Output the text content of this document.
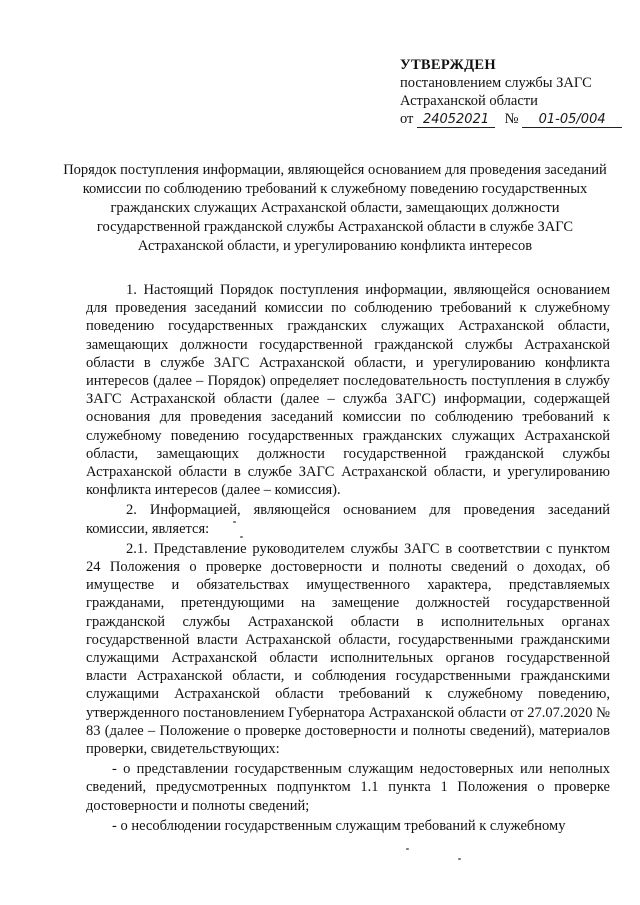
УТВЕРЖДЕН
постановлением службы ЗАГС
Астраханской области
от 24052021 № 01-05/004
Порядок поступления информации, являющейся основанием для проведения заседаний комиссии по соблюдению требований к служебному поведению государственных гражданских служащих Астраханской области, замещающих должности государственной гражданской службы Астраханской области в службе ЗАГС Астраханской области, и урегулированию конфликта интересов

1. Настоящий Порядок поступления информации, являющейся основанием для проведения заседаний комиссии по соблюдению требований к служебному поведению государственных гражданских служащих Астраханской области, замещающих должности государственной гражданской службы Астраханской области в службе ЗАГС Астраханской области, и урегулированию конфликта интересов (далее – Порядок) определяет последовательность поступления в службу ЗАГС Астраханской области (далее – служба ЗАГС) информации, содержащей основания для проведения заседаний комиссии по соблюдению требований к служебному поведению государственных гражданских служащих Астраханской области, замещающих должности государственной гражданской службы Астраханской области в службе ЗАГС Астраханской области, и урегулированию конфликта интересов (далее – комиссия).

2. Информацией, являющейся основанием для проведения заседаний комиссии, является:

2.1. Представление руководителем службы ЗАГС в соответствии с пунктом 24 Положения о проверке достоверности и полноты сведений о доходах, об имуществе и обязательствах имущественного характера, представляемых гражданами, претендующими на замещение должностей государственной гражданской службы Астраханской области в исполнительных органах государственной власти Астраханской области, государственными гражданскими служащими Астраханской области исполнительных органов государственной власти Астраханской области, и соблюдения государственными гражданскими служащими Астраханской области требований к служебному поведению, утвержденного постановлением Губернатора Астраханской области от 27.07.2020 № 83 (далее – Положение о проверке достоверности и полноты сведений), материалов проверки, свидетельствующих:

- о представлении государственным служащим недостоверных или неполных сведений, предусмотренных подпунктом 1.1 пункта 1 Положения о проверке достоверности и полноты сведений;

- о несоблюдении государственным служащим требований к служебному
